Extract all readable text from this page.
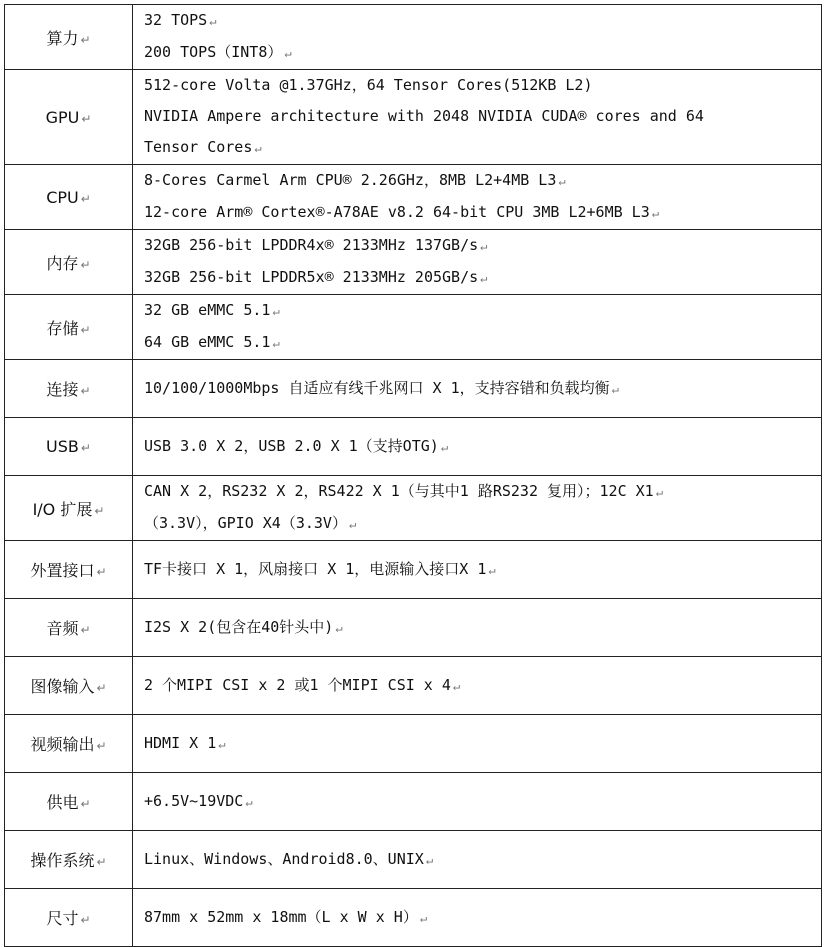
算力 ↵	32 TOPS ↵
200 TOPS（INT8） ↵

GPU ↵	512-core Volta @1.37GHz，64 Tensor Cores(512KB L2)
NVIDIA Ampere architecture with 2048 NVIDIA CUDA® cores and 64
Tensor Cores ↵

CPU ↵	8-Cores Carmel Arm CPU® 2.26GHz，8MB L2+4MB L3 ↵
12-core Arm® Cortex®-A78AE v8.2 64-bit CPU 3MB L2+6MB L3 ↵

内存 ↵	32GB 256-bit LPDDR4x® 2133MHz 137GB/s ↵
32GB 256-bit LPDDR5x® 2133MHz 205GB/s ↵

存储 ↵	32 GB eMMC 5.1 ↵
64 GB eMMC 5.1 ↵

连接 ↵	10/100/1000Mbps 自适应有线千兆网口 X 1，支持容错和负载均衡 ↵

USB ↵	USB 3.0 X 2，USB 2.0 X 1（支持OTG) ↵

I/O 扩展 ↵	CAN X 2，RS232 X 2，RS422 X 1（与其中1 路RS232 复用）；12C X1 ↵
（3.3V），GPIO X4（3.3V） ↵

外置接口 ↵	TF卡接口 X 1，风扇接口 X 1，电源输入接口X 1 ↵

音频 ↵	I2S X 2(包含在40针头中) ↵

图像输入 ↵	2 个MIPI CSI x 2 或1 个MIPI CSI x 4 ↵

视频输出 ↵	HDMI X 1 ↵

供电 ↵	+6.5V~19VDC ↵

操作系统 ↵	Linux、Windows、Android8.0、UNIX ↵

尺寸 ↵	87mm x 52mm x 18mm（L x W x H） ↵
